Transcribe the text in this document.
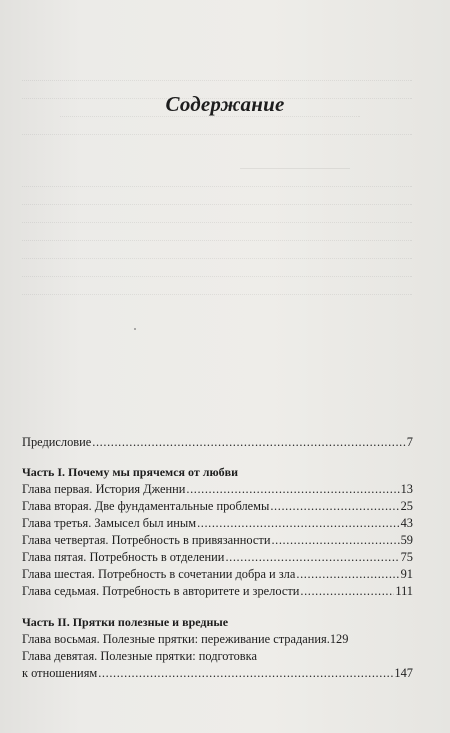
Содержание
Предисловие .....	7
Часть I. Почему мы прячемся от любви
Глава первая. История Дженни .....	13
Глава вторая. Две фундаментальные проблемы .....	25
Глава третья. Замысел был иным .....	43
Глава четвертая. Потребность в привязанности .....	59
Глава пятая. Потребность в отделении .....	75
Глава шестая. Потребность в сочетании добра и зла .....	91
Глава седьмая. Потребность в авторитете и зрелости .....	111
Часть II. Прятки полезные и вредные
Глава восьмая. Полезные прятки: переживание страдания. 129
Глава девятая. Полезные прятки: подготовка
к отношениям .....	147
